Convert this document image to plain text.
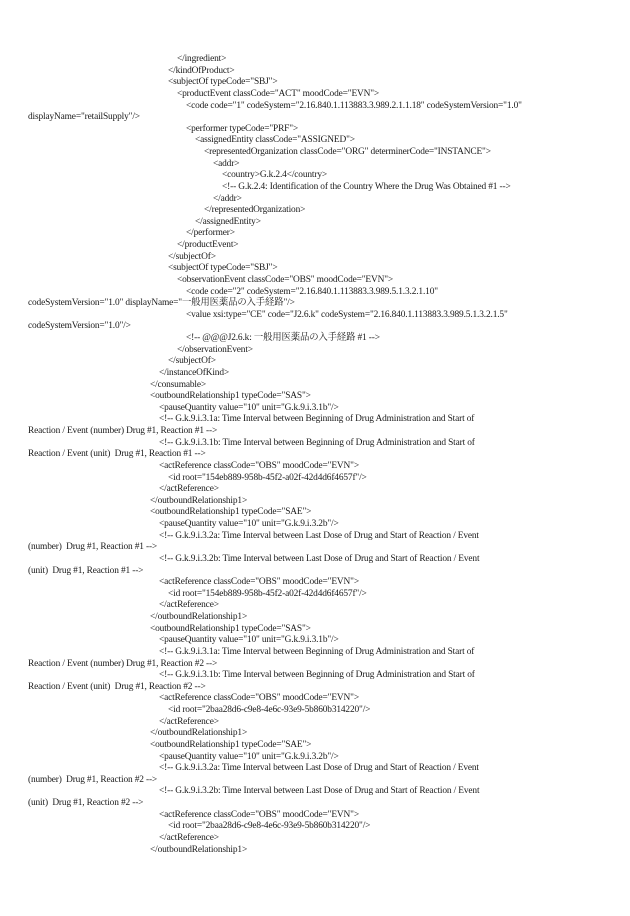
</ingredient>
</kindOfProduct>
<subjectOf typeCode="SBJ">
<productEvent classCode="ACT" moodCode="EVN">
<code code="1" codeSystem="2.16.840.1.113883.3.989.2.1.1.18" codeSystemVersion="1.0"
displayName="retailSupply"/>
<performer typeCode="PRF">
<assignedEntity classCode="ASSIGNED">
<representedOrganization classCode="ORG" determinerCode="INSTANCE">
<addr>
<country>G.k.2.4</country>
<!-- G.k.2.4: Identification of the Country Where the Drug Was Obtained #1 -->
</addr>
</representedOrganization>
</assignedEntity>
</performer>
</productEvent>
</subjectOf>
<subjectOf typeCode="SBJ">
<observationEvent classCode="OBS" moodCode="EVN">
<code code="2" codeSystem="2.16.840.1.113883.3.989.5.1.3.2.1.10"
codeSystemVersion="1.0" displayName="一般用医薬品の入手経路"/>
<value xsi:type="CE" code="J2.6.k" codeSystem="2.16.840.1.113883.3.989.5.1.3.2.1.5"
codeSystemVersion="1.0"/>
<!-- @@@J2.6.k: 一般用医薬品の入手経路 #1 -->
</observationEvent>
</subjectOf>
</instanceOfKind>
</consumable>
<outboundRelationship1 typeCode="SAS">
<pauseQuantity value="10" unit="G.k.9.i.3.1b"/>
<!-- G.k.9.i.3.1a: Time Interval between Beginning of Drug Administration and Start of
Reaction / Event (number) Drug #1, Reaction #1 -->
<!-- G.k.9.i.3.1b: Time Interval between Beginning of Drug Administration and Start of
Reaction / Event (unit)  Drug #1, Reaction #1 -->
<actReference classCode="OBS" moodCode="EVN">
<id root="154eb889-958b-45f2-a02f-42d4d6f4657f"/>
</actReference>
</outboundRelationship1>
<outboundRelationship1 typeCode="SAE">
<pauseQuantity value="10" unit="G.k.9.i.3.2b"/>
<!-- G.k.9.i.3.2a: Time Interval between Last Dose of Drug and Start of Reaction / Event
(number)  Drug #1, Reaction #1 -->
<!-- G.k.9.i.3.2b: Time Interval between Last Dose of Drug and Start of Reaction / Event
(unit)  Drug #1, Reaction #1 -->
<actReference classCode="OBS" moodCode="EVN">
<id root="154eb889-958b-45f2-a02f-42d4d6f4657f"/>
</actReference>
</outboundRelationship1>
<outboundRelationship1 typeCode="SAS">
<pauseQuantity value="10" unit="G.k.9.i.3.1b"/>
<!-- G.k.9.i.3.1a: Time Interval between Beginning of Drug Administration and Start of
Reaction / Event (number) Drug #1, Reaction #2 -->
<!-- G.k.9.i.3.1b: Time Interval between Beginning of Drug Administration and Start of
Reaction / Event (unit)  Drug #1, Reaction #2 -->
<actReference classCode="OBS" moodCode="EVN">
<id root="2baa28d6-c9e8-4e6c-93e9-5b860b314220"/>
</actReference>
</outboundRelationship1>
<outboundRelationship1 typeCode="SAE">
<pauseQuantity value="10" unit="G.k.9.i.3.2b"/>
<!-- G.k.9.i.3.2a: Time Interval between Last Dose of Drug and Start of Reaction / Event
(number)  Drug #1, Reaction #2 -->
<!-- G.k.9.i.3.2b: Time Interval between Last Dose of Drug and Start of Reaction / Event
(unit)  Drug #1, Reaction #2 -->
<actReference classCode="OBS" moodCode="EVN">
<id root="2baa28d6-c9e8-4e6c-93e9-5b860b314220"/>
</actReference>
</outboundRelationship1>
